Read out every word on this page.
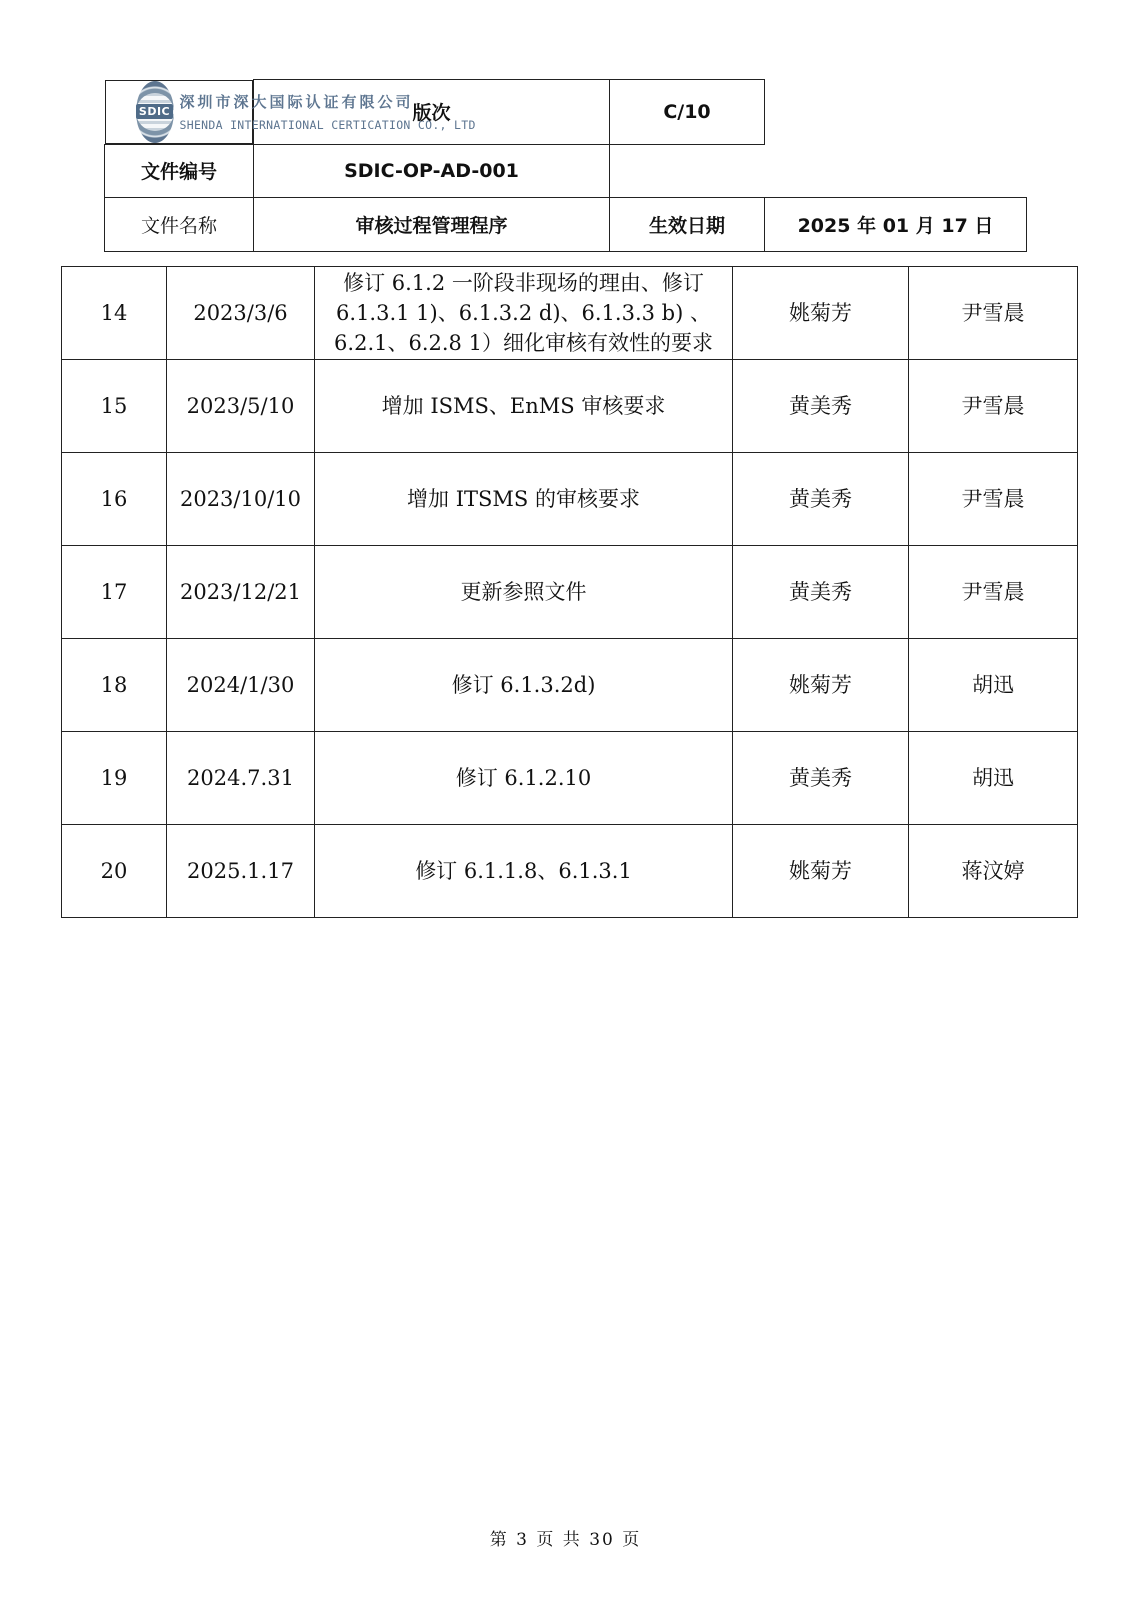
SDIC
深圳市深大国际认证有限公司
SHENDA INTERNATIONAL CERTICATION CO., LTD
版次	C/10	
文件编号	SDIC-OP-AD-001		
文件名称	审核过程管理程序	生效日期	2025 年 01 月 17 日
14	2023/3/6	修订 6.1.2 一阶段非现场的理由、修订
6.1.3.1 1)、6.1.3.2 d)、6.1.3.3 b) 、
6.2.1、6.2.8 1）细化审核有效性的要求	姚菊芳	尹雪晨
15	2023/5/10	增加 ISMS、EnMS 审核要求	黄美秀	尹雪晨
16	2023/10/10	增加 ITSMS 的审核要求	黄美秀	尹雪晨
17	2023/12/21	更新参照文件	黄美秀	尹雪晨
18	2024/1/30	修订 6.1.3.2d)	姚菊芳	胡迅
19	2024.7.31	修订 6.1.2.10	黄美秀	胡迅
20	2025.1.17	修订 6.1.1.8、6.1.3.1	姚菊芳	蒋汶婷
第 3 页 共 30 页
